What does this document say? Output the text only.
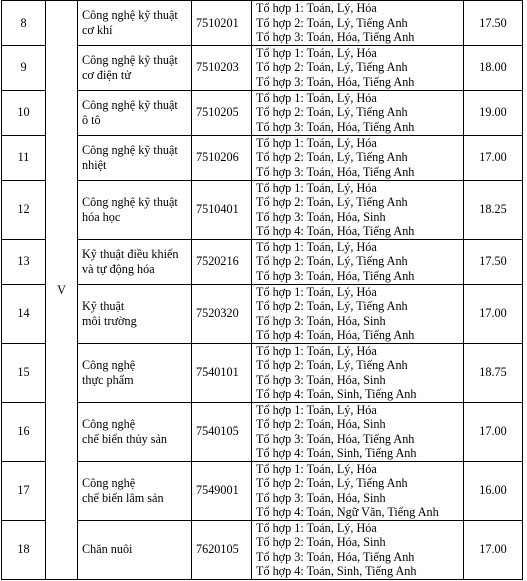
8	V	Công nghệ kỹ thuật
cơ khí	7510201	Tổ hợp 1: Toán, Lý, Hóa
Tổ hợp 2: Toán, Lý, Tiếng Anh
Tổ hợp 3: Toán, Hóa, Tiếng Anh	17.50
9		Công nghệ kỹ thuật
cơ điện tử	7510203	Tổ hợp 1: Toán, Lý, Hóa
Tổ hợp 2: Toán, Lý, Tiếng Anh
Tổ hợp 3: Toán, Hóa, Tiếng Anh	18.00
10		Công nghệ kỹ thuật
ô tô	7510205	Tổ hợp 1: Toán, Lý, Hóa
Tổ hợp 2: Toán, Lý, Tiếng Anh
Tổ hợp 3: Toán, Hóa, Tiếng Anh	19.00
11		Công nghệ kỹ thuật
nhiệt	7510206	Tổ hợp 1: Toán, Lý, Hóa
Tổ hợp 2: Toán, Lý, Tiếng Anh
Tổ hợp 3: Toán, Hóa, Tiếng Anh	17.00
12		Công nghệ kỹ thuật
hóa học	7510401	Tổ hợp 1: Toán, Lý, Hóa
Tổ hợp 2: Toán, Lý, Tiếng Anh
Tổ hợp 3: Toán, Hóa, Sinh
Tổ hợp 4: Toán, Hóa, Tiếng Anh	18.25
13		Kỹ thuật điều khiển
và tự động hóa	7520216	Tổ hợp 1: Toán, Lý, Hóa
Tổ hợp 2: Toán, Lý, Tiếng Anh
Tổ hợp 3: Toán, Hóa, Tiếng Anh	17.50
14		Kỹ thuật
môi trường	7520320	Tổ hợp 1: Toán, Lý, Hóa
Tổ hợp 2: Toán, Lý, Tiếng Anh
Tổ hợp 3: Toán, Hóa, Sinh
Tổ hợp 4: Toán, Hóa, Tiếng Anh	17.00
15		Công nghệ
thực phẩm	7540101	Tổ hợp 1: Toán, Lý, Hóa
Tổ hợp 2: Toán, Lý, Tiếng Anh
Tổ hợp 3: Toán, Hóa, Sinh
Tổ hợp 4: Toán, Sinh, Tiếng Anh	18.75
16		Công nghệ
chế biến thủy sản	7540105	Tổ hợp 1: Toán, Lý, Hóa
Tổ hợp 2: Toán, Hóa, Sinh
Tổ hợp 3: Toán, Hóa, Tiếng Anh
Tổ hợp 4: Toán, Sinh, Tiếng Anh	17.00
17		Công nghệ
chế biến lâm sản	7549001	Tổ hợp 1: Toán, Lý, Hóa
Tổ hợp 2: Toán, Lý, Tiếng Anh
Tổ hợp 3: Toán, Hóa, Sinh
Tổ hợp 4: Toán, Ngữ Văn, Tiếng Anh	16.00
18		Chăn nuôi	7620105	Tổ hợp 1: Toán, Lý, Hóa
Tổ hợp 2: Toán, Hóa, Sinh
Tổ hợp 3: Toán, Hóa, Tiếng Anh
Tổ hợp 4: Toán, Sinh, Tiếng Anh	17.00
